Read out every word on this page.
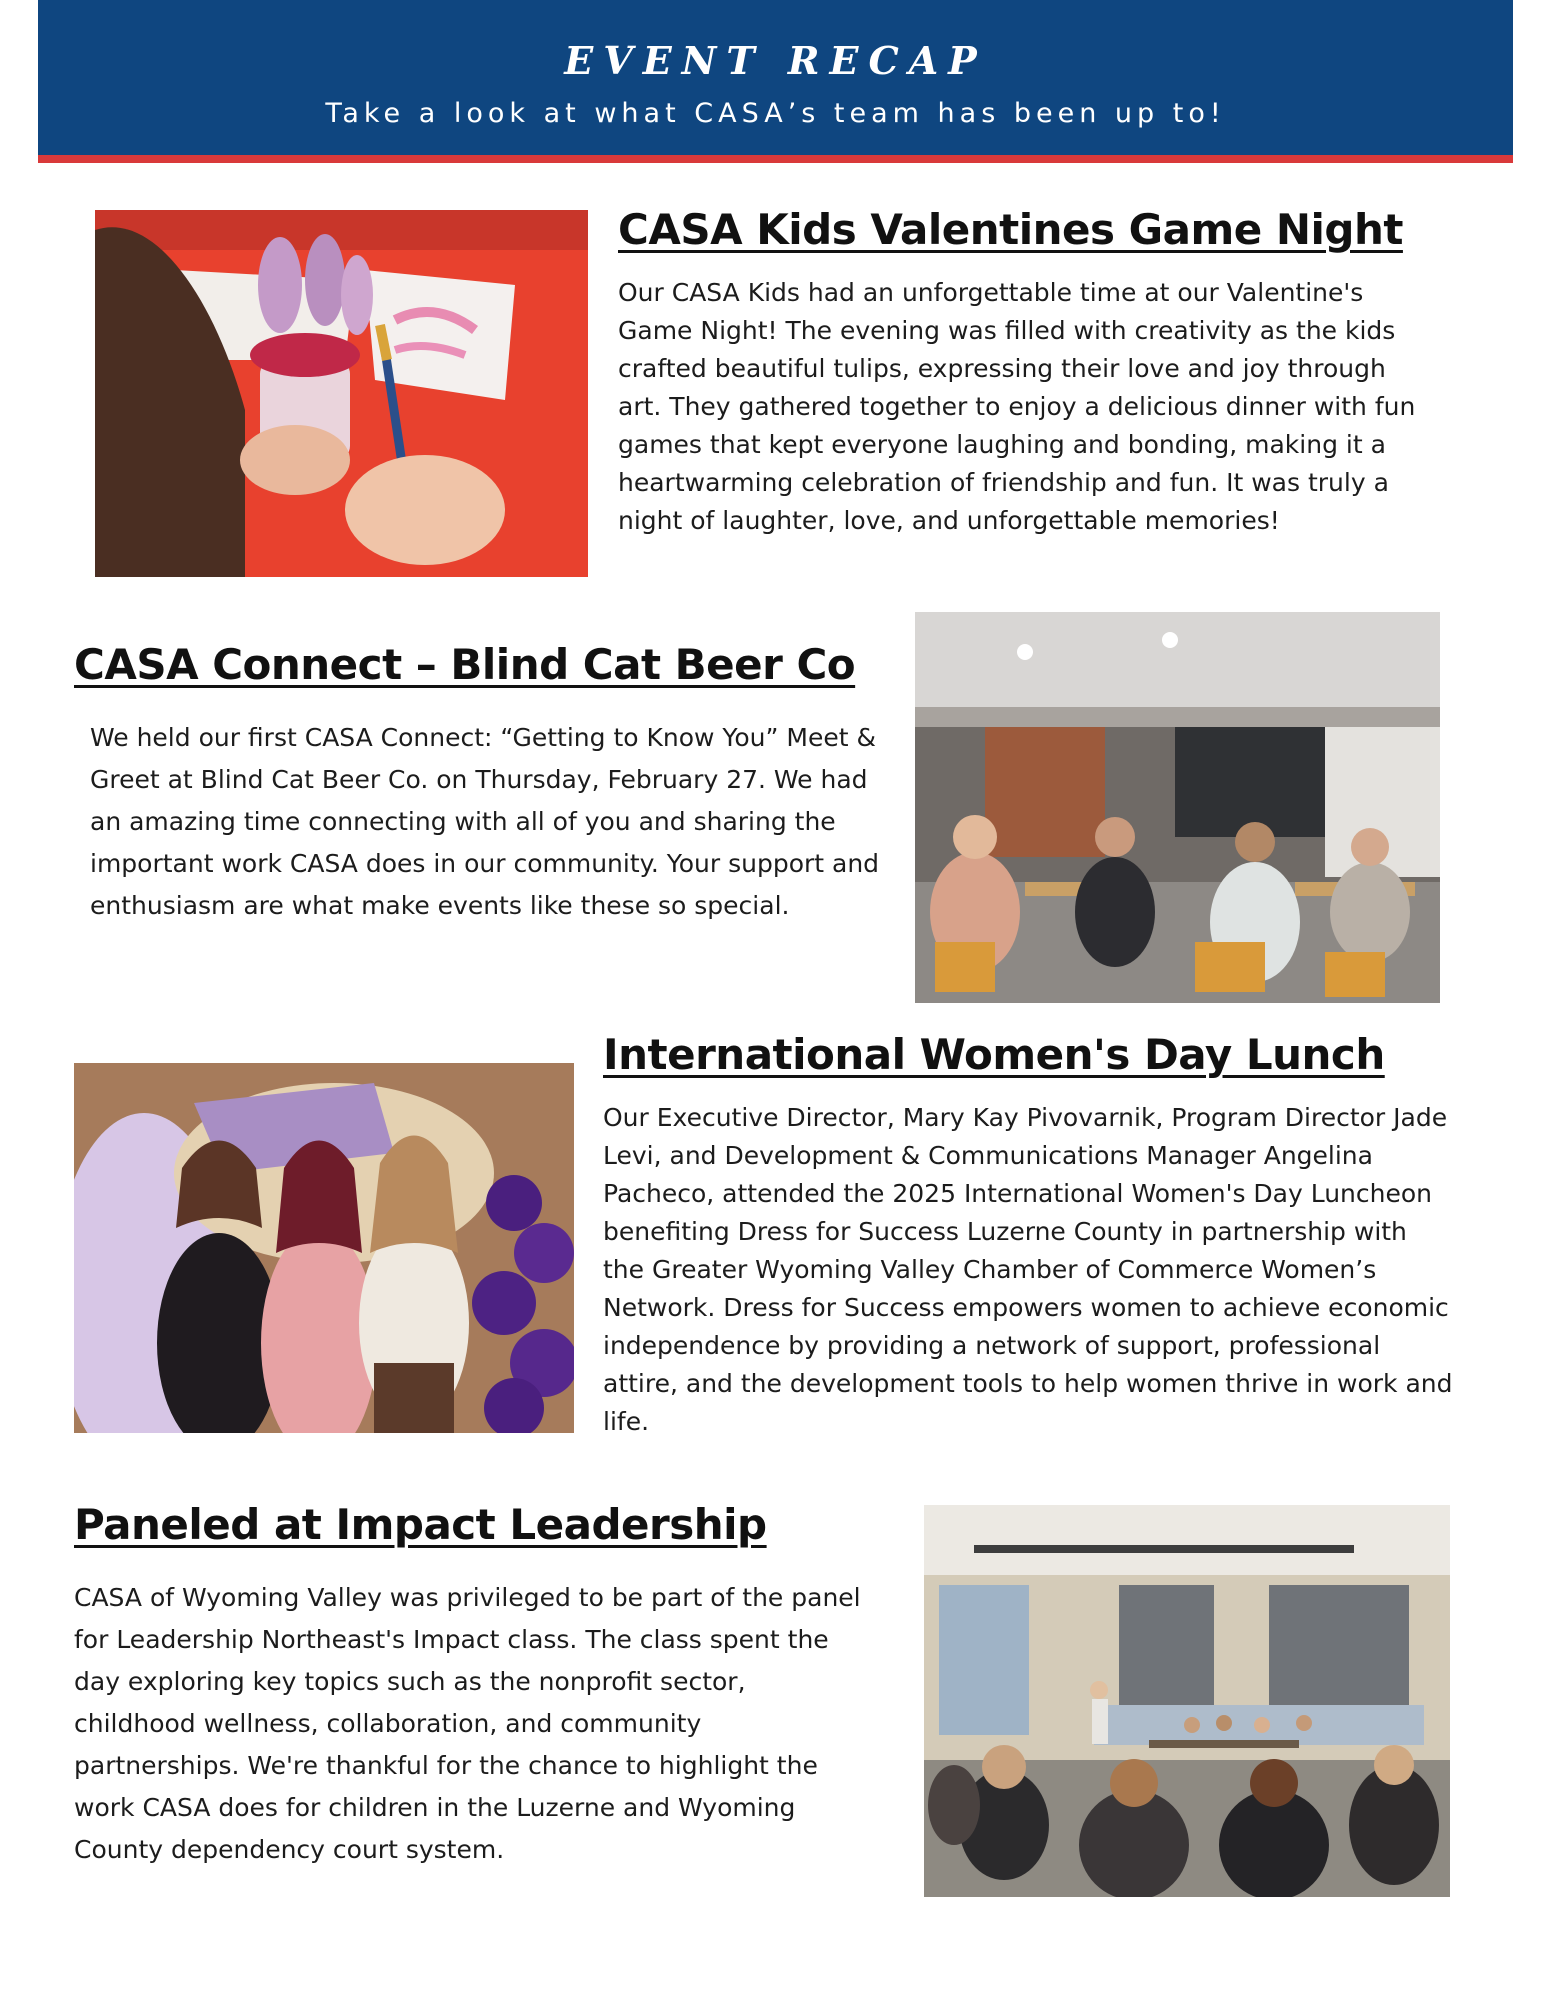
EVENT RECAP
Take a look at what CASA’s team has been up to!
CASA Kids Valentines Game Night

Our CASA Kids had an unforgettable time at our Valentine's Game Night! The evening was filled with creativity as the kids crafted beautiful tulips, expressing their love and joy through art. They gathered together to enjoy a delicious dinner with fun games that kept everyone laughing and bonding, making it a heartwarming celebration of friendship and fun. It was truly a night of laughter, love, and unforgettable memories!

CASA Connect – Blind Cat Beer Co

We held our first CASA Connect: “Getting to Know You” Meet & Greet at Blind Cat Beer Co. on Thursday, February 27. We had an amazing time connecting with all of you and sharing the important work CASA does in our community. Your support and enthusiasm are what make events like these so special.

International Women's Day Lunch

Our Executive Director, Mary Kay Pivovarnik, Program Director Jade Levi, and Development & Communications Manager Angelina Pacheco, attended the 2025 International Women's Day Luncheon benefiting Dress for Success Luzerne County in partnership with the Greater Wyoming Valley Chamber of Commerce Women’s Network. Dress for Success empowers women to achieve economic independence by providing a network of support, professional attire, and the development tools to help women thrive in work and life.

Paneled at Impact Leadership

CASA of Wyoming Valley was privileged to be part of the panel for Leadership Northeast's Impact class. The class spent the day exploring key topics such as the nonprofit sector, childhood wellness, collaboration, and community partnerships. We're thankful for the chance to highlight the work CASA does for children in the Luzerne and Wyoming County dependency court system.
